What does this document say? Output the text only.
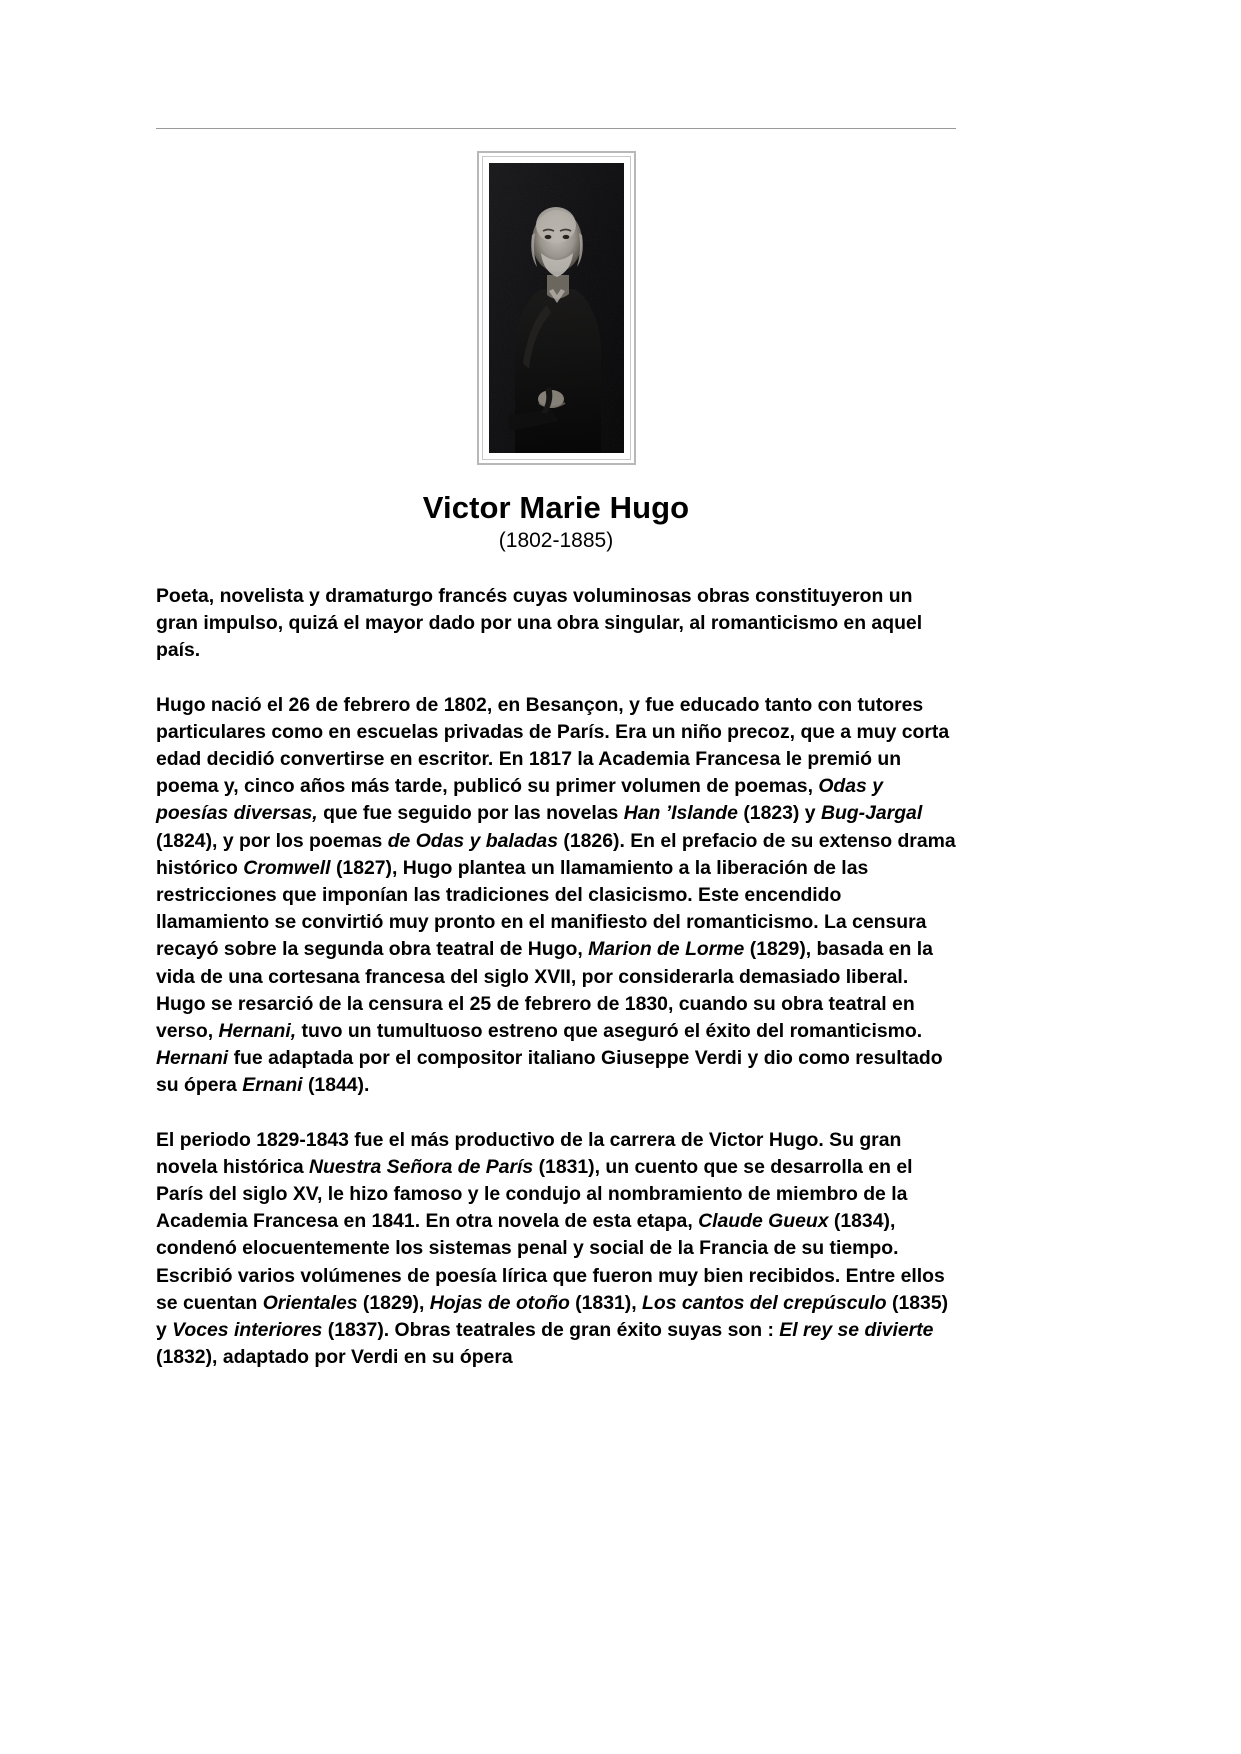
Victor Marie Hugo
(1802-1885)

Poeta, novelista y dramaturgo francés cuyas voluminosas obras constituyeron un gran impulso, quizá el mayor dado por una obra singular, al romanticismo en aquel país.

Hugo nació el 26 de febrero de 1802, en Besançon, y fue educado tanto con tutores particulares como en escuelas privadas de París. Era un niño precoz, que a muy corta edad decidió convertirse en escritor. En 1817 la Academia Francesa le premió un poema y, cinco años más tarde, publicó su primer volumen de poemas, Odas y poesías diversas, que fue seguido por las novelas Han ’Islande (1823) y Bug-Jargal (1824), y por los poemas de Odas y baladas (1826). En el prefacio de su extenso drama histórico Cromwell (1827), Hugo plantea un llamamiento a la liberación de las restricciones que imponían las tradiciones del clasicismo. Este encendido llamamiento se convirtió muy pronto en el manifiesto del romanticismo. La censura recayó sobre la segunda obra teatral de Hugo, Marion de Lorme (1829), basada en la vida de una cortesana francesa del siglo XVII, por considerarla demasiado liberal. Hugo se resarció de la censura el 25 de febrero de 1830, cuando su obra teatral en verso, Hernani, tuvo un tumultuoso estreno que aseguró el éxito del romanticismo. Hernani fue adaptada por el compositor italiano Giuseppe Verdi y dio como resultado su ópera Ernani (1844).

El periodo 1829-1843 fue el más productivo de la carrera de Victor Hugo. Su gran novela histórica Nuestra Señora de París (1831), un cuento que se desarrolla en el París del siglo XV, le hizo famoso y le condujo al nombramiento de miembro de la Academia Francesa en 1841. En otra novela de esta etapa, Claude Gueux (1834), condenó elocuentemente los sistemas penal y social de la Francia de su tiempo. Escribió varios volúmenes de poesía lírica que fueron muy bien recibidos. Entre ellos se cuentan Orientales (1829), Hojas de otoño (1831), Los cantos del crepúsculo (1835) y Voces interiores (1837). Obras teatrales de gran éxito suyas son : El rey se divierte (1832), adaptado por Verdi en su ópera
